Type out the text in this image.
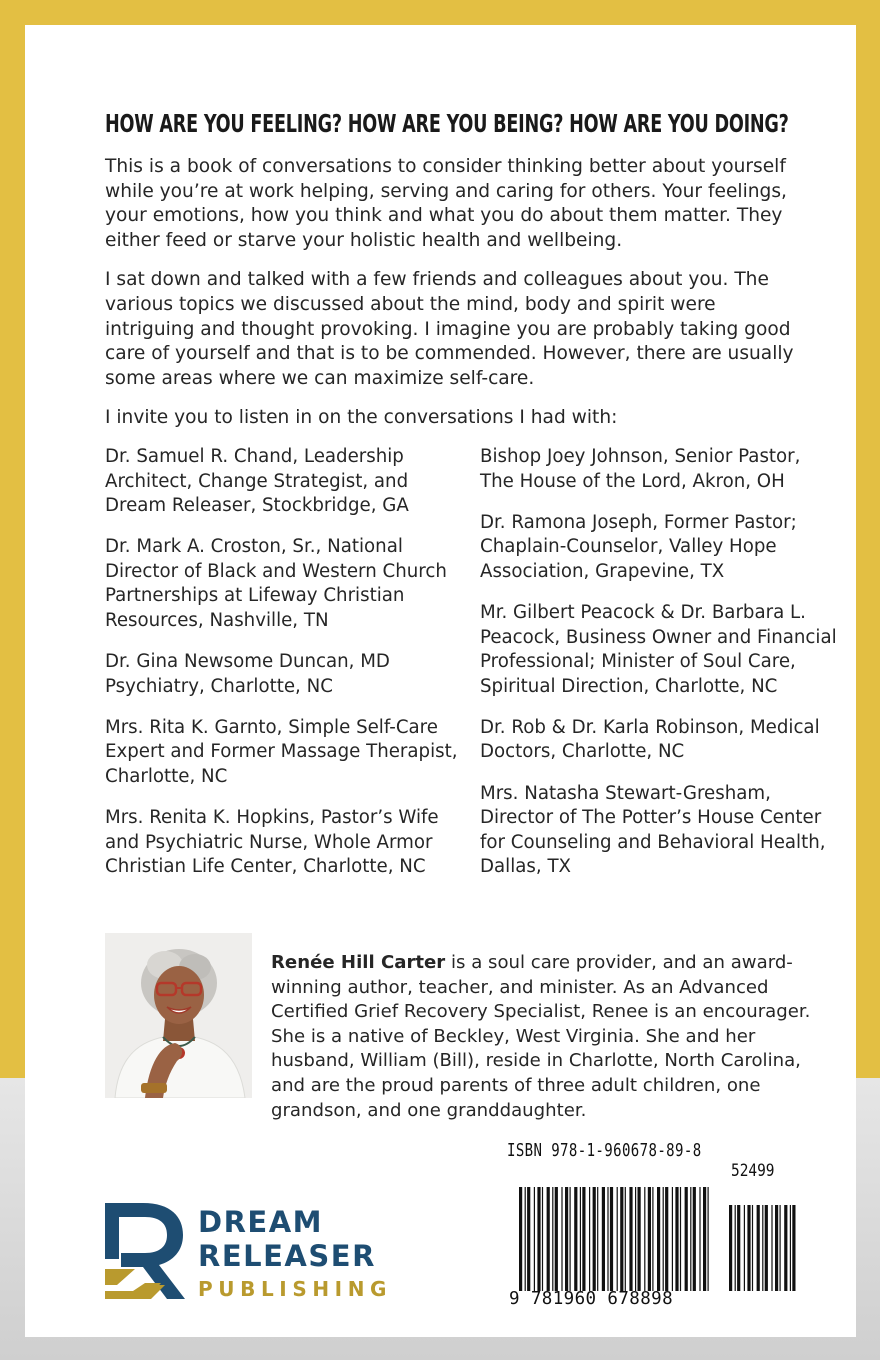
HOW ARE YOU FEELING? HOW ARE YOU BEING? HOW ARE YOU DOING?

This is a book of conversations to consider thinking better about yourself while you’re at work helping, serving and caring for others. Your feelings, your emotions, how you think and what you do about them matter. They either feed or starve your holistic health and wellbeing.

I sat down and talked with a few friends and colleagues about you. The various topics we discussed about the mind, body and spirit were intriguing and thought provoking. I imagine you are probably taking good care of yourself and that is to be commended. However, there are usually some areas where we can maximize self-care.

I invite you to listen in on the conversations I had with:

Dr. Samuel R. Chand, Leadership Architect, Change Strategist, and Dream Releaser, Stockbridge, GA

Dr. Mark A. Croston, Sr., National Director of Black and Western Church Partnerships at Lifeway Christian Resources, Nashville, TN

Dr. Gina Newsome Duncan, MD Psychiatry, Charlotte, NC

Mrs. Rita K. Garnto, Simple Self-Care Expert and Former Massage Therapist, Charlotte, NC

Mrs. Renita K. Hopkins, Pastor’s Wife and Psychiatric Nurse, Whole Armor Christian Life Center, Charlotte, NC

Bishop Joey Johnson, Senior Pastor, The House of the Lord, Akron, OH

Dr. Ramona Joseph, Former Pastor; Chaplain-Counselor, Valley Hope Association, Grapevine, TX

Mr. Gilbert Peacock & Dr. Barbara L. Peacock, Business Owner and Financial Professional; Minister of Soul Care, Spiritual Direction, Charlotte, NC

Dr. Rob & Dr. Karla Robinson, Medical Doctors, Charlotte, NC

Mrs. Natasha Stewart-Gresham, Director of The Potter’s House Center for Counseling and Behavioral Health, Dallas, TX

Renée Hill Carter is a soul care provider, and an award-winning author, teacher, and minister. As an Advanced Certified Grief Recovery Specialist, Renee is an encourager. She is a native of Beckley, West Virginia. She and her husband, William (Bill), reside in Charlotte, North Carolina, and are the proud parents of three adult children, one grandson, and one granddaughter.

DREAM
RELEASER
PUBLISHING

ISBN 978-1-960678-89-8

52499

9 781960 678898
